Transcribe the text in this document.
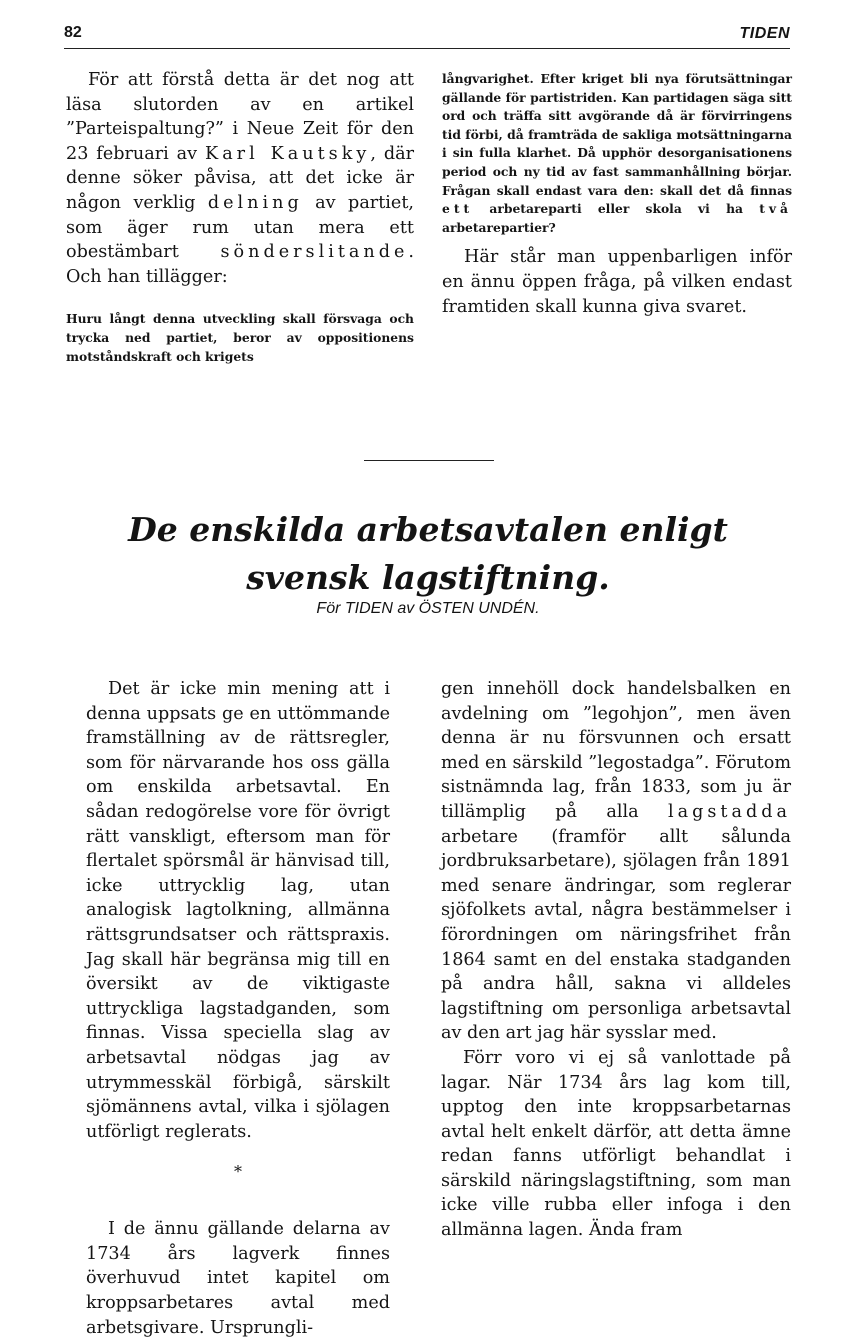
82	TIDEN

För att förstå detta är det nog att läsa slutorden av en artikel ”Parteispaltung?” i Neue Zeit för den 23 februari av Karl Kautsky, där denne söker påvisa, att det icke är någon verklig delning av partiet, som äger rum utan mera ett obestämbart sönderslitande. Och han tillägger:

Huru långt denna utveckling skall försvaga och trycka ned partiet, beror av oppositionens motståndskraft och krigets

långvarighet. Efter kriget bli nya förutsättningar gällande för partistriden. Kan partidagen säga sitt ord och träffa sitt avgörande då är förvirringens tid förbi, då framträda de sakliga motsättningarna i sin fulla klarhet. Då upphör desorganisationens period och ny tid av fast sammanhållning börjar. Frågan skall endast vara den: skall det då finnas ett arbetareparti eller skola vi ha två arbetarepartier?

Här står man uppenbarligen inför en ännu öppen fråga, på vilken endast framtiden skall kunna giva svaret.

De enskilda arbetsavtalen enligt svensk lagstiftning.
För TIDEN av ÖSTEN UNDÉN.

Det är icke min mening att i denna uppsats ge en uttömmande framställning av de rättsregler, som för närvarande hos oss gälla om enskilda arbetsavtal. En sådan redogörelse vore för övrigt rätt vanskligt, eftersom man för flertalet spörsmål är hänvisad till, icke uttrycklig lag, utan analogisk lagtolkning, allmänna rättsgrundsatser och rättspraxis. Jag skall här begränsa mig till en översikt av de viktigaste uttryckliga lagstadganden, som finnas. Vissa speciella slag av arbetsavtal nödgas jag av utrymmesskäl förbigå, särskilt sjömännens avtal, vilka i sjölagen utförligt reglerats.

*

I de ännu gällande delarna av 1734 års lagverk finnes överhuvud intet kapitel om kroppsarbetares avtal med arbetsgivare. Ursprungli-

gen innehöll dock handelsbalken en avdelning om ”legohjon”, men även denna är nu försvunnen och ersatt med en särskild ”legostadga”. Förutom sistnämnda lag, från 1833, som ju är tillämplig på alla lagstadda arbetare (framför allt sålunda jordbruksarbetare), sjölagen från 1891 med senare ändringar, som reglerar sjöfolkets avtal, några bestämmelser i förordningen om näringsfrihet från 1864 samt en del enstaka stadganden på andra håll, sakna vi alldeles lagstiftning om personliga arbetsavtal av den art jag här sysslar med.

Förr voro vi ej så vanlottade på lagar. När 1734 års lag kom till, upptog den inte kroppsarbetarnas avtal helt enkelt därför, att detta ämne redan fanns utförligt behandlat i särskild näringslagstiftning, som man icke ville rubba eller infoga i den allmänna lagen. Ända fram
